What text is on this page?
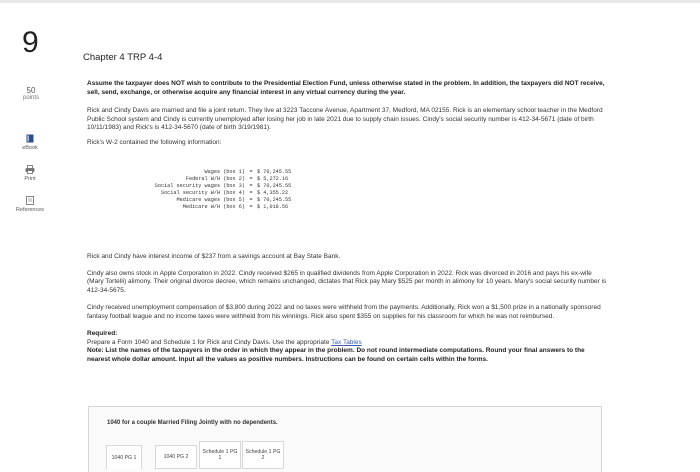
9	Chapter 4 TRP 4-4
50
points
eBook
Print
References

Assume the taxpayer does NOT wish to contribute to the Presidential Election Fund, unless otherwise stated in the problem. In addition, the taxpayers did NOT receive, sell, send, exchange, or otherwise acquire any financial interest in any virtual currency during the year.

Rick and Cindy Davis are married and file a joint return. They live at 3223 Taccone Avenue, Apartment 37, Medford, MA 02155. Rick is an elementary school teacher in the Medford Public School system and Cindy is currently unemployed after losing her job in late 2021 due to supply chain issues. Cindy's social security number is 412-34-5671 (date of birth 10/11/1983) and Rick's is 412-34-5670 (date of birth 3/19/1981).

Rick's W-2 contained the following information:

Wages (box 1) = $ 70,245.55
Federal W/H (box 2) = $ 5,272.16
Social security wages (box 3) = $ 70,245.55
Social security W/H (box 4) = $ 4,355.22
Medicare wages (box 5) = $ 70,245.55
Medicare W/H (box 6) = $ 1,018.56

Rick and Cindy have interest income of $237 from a savings account at Bay State Bank.

Cindy also owns stock in Apple Corporation in 2022. Cindy received $265 in qualified dividends from Apple Corporation in 2022. Rick was divorced in 2016 and pays his ex-wife (Mary Tortelli) alimony. Their original divorce decree, which remains unchanged, dictates that Rick pay Mary $525 per month in alimony for 10 years. Mary's social security number is 412-34-5675.

Cindy received unemployment compensation of $3,800 during 2022 and no taxes were withheld from the payments. Additionally, Rick won a $1,500 prize in a nationally sponsored fantasy football league and no income taxes were withheld from his winnings. Rick also spent $355 on supplies for his classroom for which he was not reimbursed.

Required:

Prepare a Form 1040 and Schedule 1 for Rick and Cindy Davis. Use the appropriate Tax Tables

Note: List the names of the taxpayers in the order in which they appear in the problem. Do not round intermediate computations. Round your final answers to the nearest whole dollar amount. Input all the values as positive numbers. Instructions can be found on certain cells within the forms.

1040 for a couple Married Filing Jointly with no dependents.
1040 PG 1	1040 PG 2
Schedule 1 PG
1
Schedule 1 PG
2
